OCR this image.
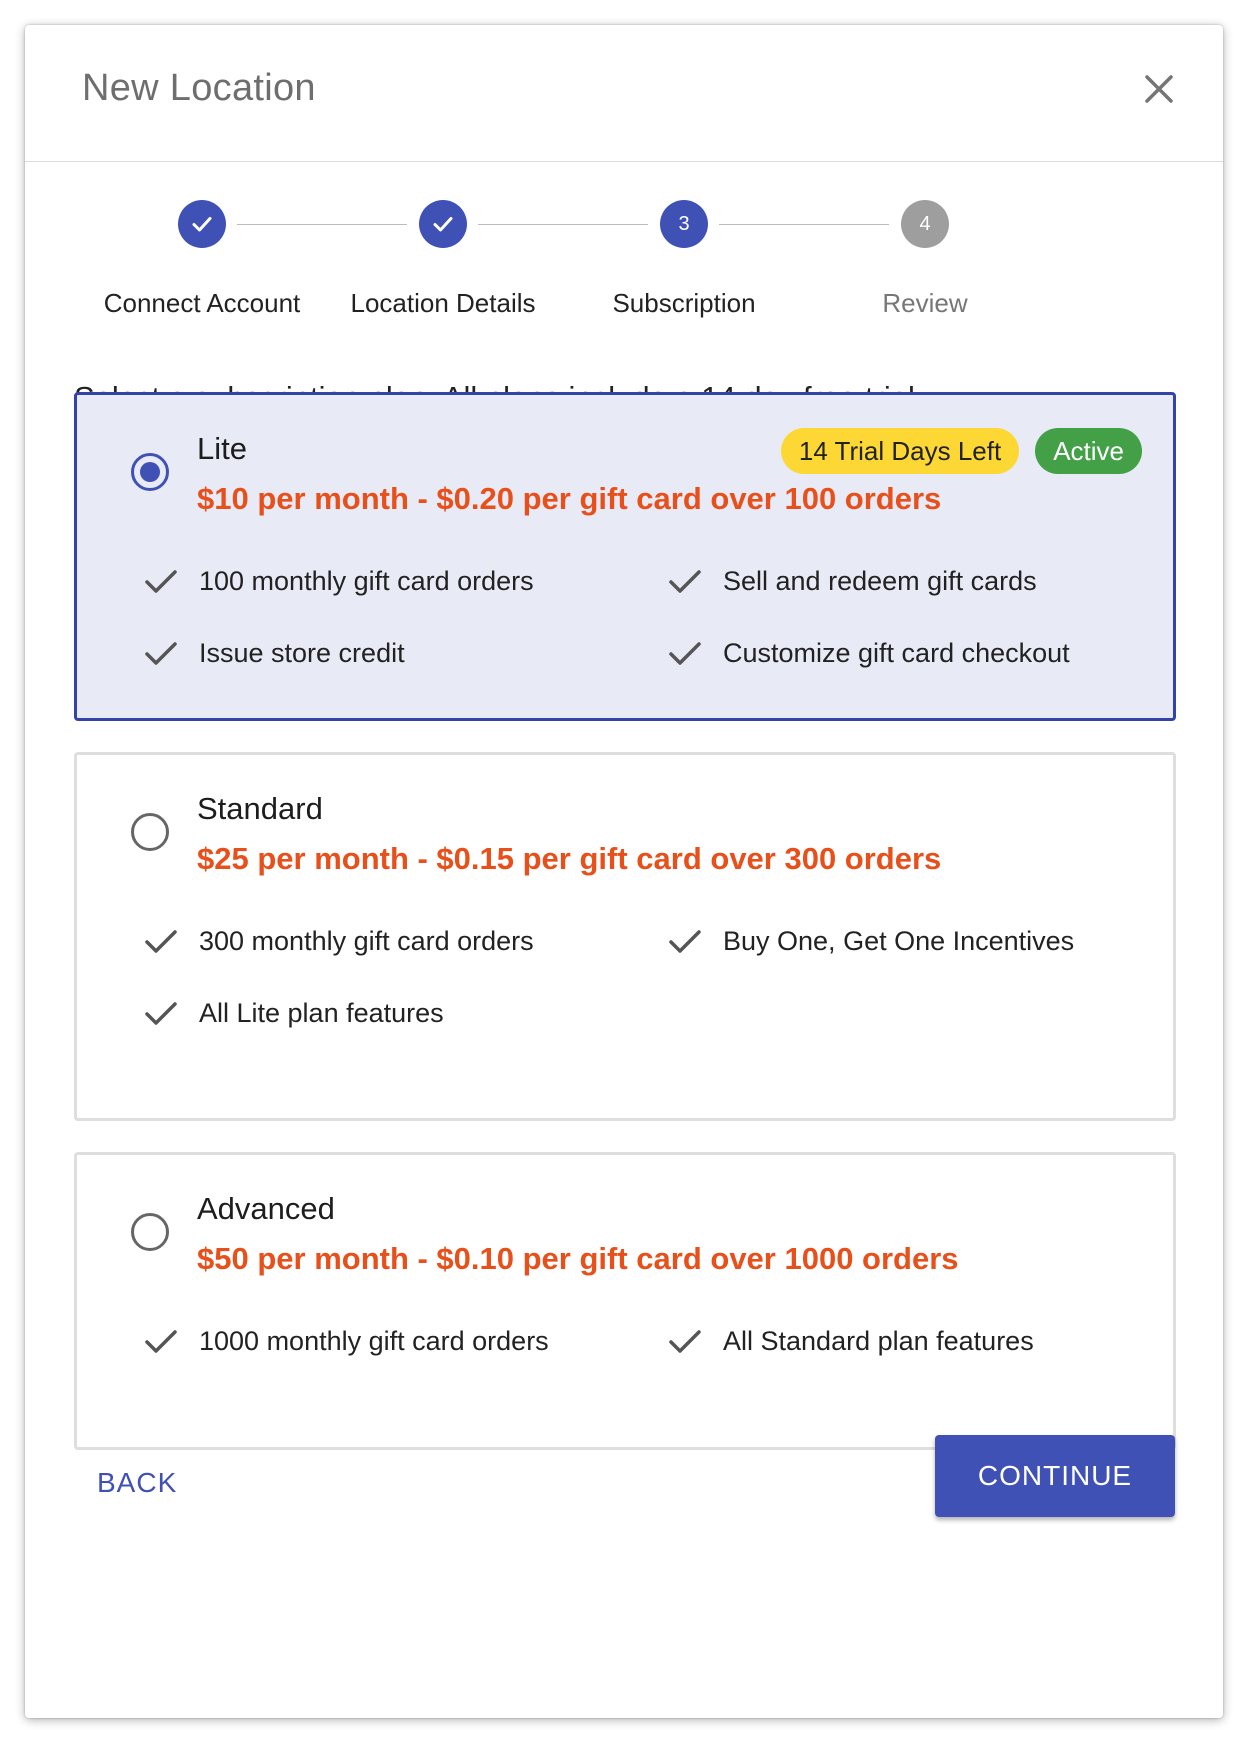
New Location
Connect Account	Location Details
3
Subscription
4
Review
Lite	14 Trial Days Left	Active
$10 per month - $0.20 per gift card over 100 orders
100 monthly gift card orders	Sell and redeem gift cards
Issue store credit	Customize gift card checkout
Standard
$25 per month - $0.15 per gift card over 300 orders
300 monthly gift card orders	Buy One, Get One Incentives
All Lite plan features
Advanced
$50 per month - $0.10 per gift card over 1000 orders
1000 monthly gift card orders	All Standard plan features
BACK	CONTINUE
